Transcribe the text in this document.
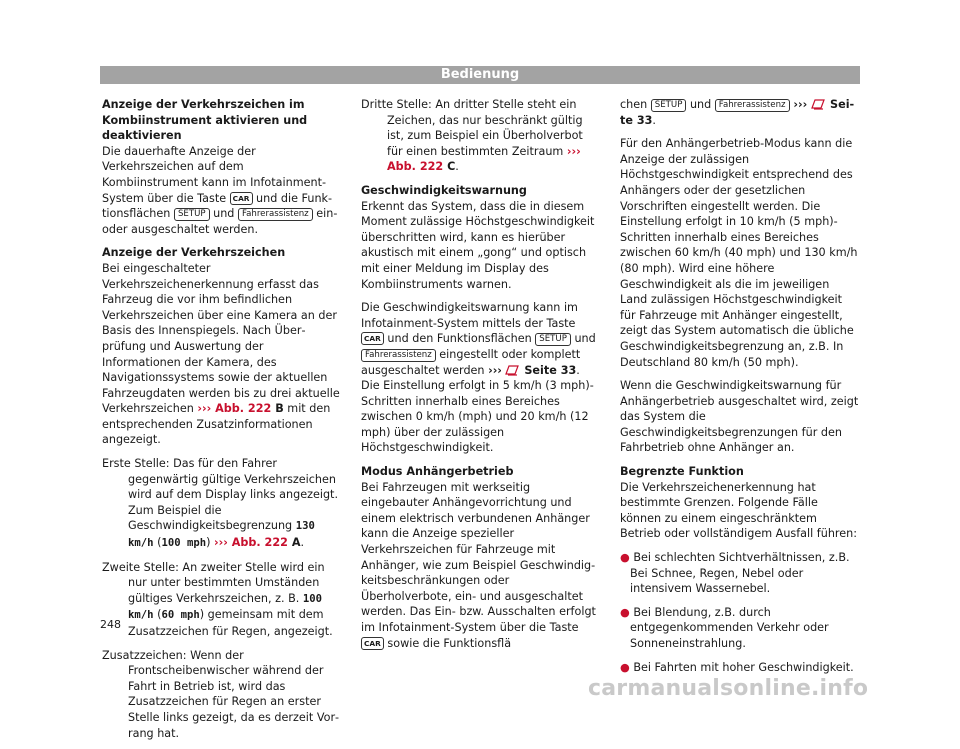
Bedienung
Anzeige der Verkehrszeichen im Kombiinstrument aktivieren und deaktivieren

Die dauerhafte Anzeige der Verkehrszeichen auf dem Kombiinstrument kann im Infotainment-System über die Taste CAR und die Funktionsflächen SETUP und Fahrerassistenz ein- oder ausgeschaltet werden.

Anzeige der Verkehrszeichen

Bei eingeschalteter Verkehrszeichenerkennung erfasst das Fahrzeug die vor ihm befindlichen Verkehrszeichen über eine Kamera an der Basis des Innenspiegels. Nach Überprüfung und Auswertung der Informationen der Kamera, des Navigationssystems sowie der aktuellen Fahrzeugdaten werden bis zu drei aktuelle Verkehrszeichen ››› Abb. 222 B mit den entsprechenden Zusatzinformationen angezeigt.

Erste Stelle: Das für den Fahrer gegenwärtig gültige Verkehrszeichen wird auf dem Display links angezeigt. Zum Beispiel die Geschwindigkeitsbegrenzung 130 km/h (100 mph) ››› Abb. 222 A.

Zweite Stelle: An zweiter Stelle wird ein nur unter bestimmten Umständen gültiges Verkehrszeichen, z. B. 100 km/h (60 mph) gemeinsam mit dem Zusatzzeichen für Regen, angezeigt.

Zusatzzeichen: Wenn der Frontscheibenwischer während der Fahrt in Betrieb ist, wird das Zusatzzeichen für Regen an erster Stelle links gezeigt, da es derzeit Vorrang hat.

Dritte Stelle: An dritter Stelle steht ein Zeichen, das nur beschränkt gültig ist, zum Beispiel ein Überholverbot für einen bestimmten Zeitraum ››› Abb. 222 C.

Geschwindigkeitswarnung

Erkennt das System, dass die in diesem Moment zulässige Höchstgeschwindigkeit überschritten wird, kann es hierüber akustisch mit einem „gong“ und optisch mit einer Meldung im Display des Kombiinstruments warnen.

Die Geschwindigkeitswarnung kann im Infotainment-System mittels der Taste CAR und den Funktionsflächen SETUP und Fahrerassistenz eingestellt oder komplett ausgeschaltet werden ›››  Seite 33. Die Einstellung erfolgt in 5 km/h (3 mph)-Schritten innerhalb eines Bereiches zwischen 0 km/h (mph) und 20 km/h (12 mph) über der zulässigen Höchstgeschwindigkeit.

Modus Anhängerbetrieb

Bei Fahrzeugen mit werkseitig eingebauter Anhängevorrichtung und einem elektrisch verbundenen Anhänger kann die Anzeige spezieller Verkehrszeichen für Fahrzeuge mit Anhänger, wie zum Beispiel Geschwindigkeitsbeschränkungen oder Überholverbote, ein- und ausgeschaltet werden. Das Ein- bzw. Ausschalten erfolgt im Infotainment-System über die Taste CAR sowie die Funktionsflä

chen SETUP und Fahrerassistenz ›››  Seite 33.

Für den Anhängerbetrieb-Modus kann die Anzeige der zulässigen Höchstgeschwindigkeit entsprechend des Anhängers oder der gesetzlichen Vorschriften eingestellt werden. Die Einstellung erfolgt in 10 km/h (5 mph)-Schritten innerhalb eines Bereiches zwischen 60 km/h (40 mph) und 130 km/h (80 mph). Wird eine höhere Geschwindigkeit als die im jeweiligen Land zulässigen Höchstgeschwindigkeit für Fahrzeuge mit Anhänger eingestellt, zeigt das System automatisch die übliche Geschwindigkeitsbegrenzung an, z.B. In Deutschland 80 km/h (50 mph).

Wenn die Geschwindigkeitswarnung für Anhängerbetrieb ausgeschaltet wird, zeigt das System die Geschwindigkeitsbegrenzungen für den Fahrbetrieb ohne Anhänger an.

Begrenzte Funktion

Die Verkehrszeichenerkennung hat bestimmte Grenzen. Folgende Fälle können zu einem eingeschränktem Betrieb oder vollständigem Ausfall führen:

● Bei schlechten Sichtverhältnissen, z.B. Bei Schnee, Regen, Nebel oder intensivem Wassernebel.

● Bei Blendung, z.B. durch entgegenkommenden Verkehr oder Sonneneinstrahlung.

● Bei Fahrten mit hoher Geschwindigkeit.

248
carmanualsonline.info
